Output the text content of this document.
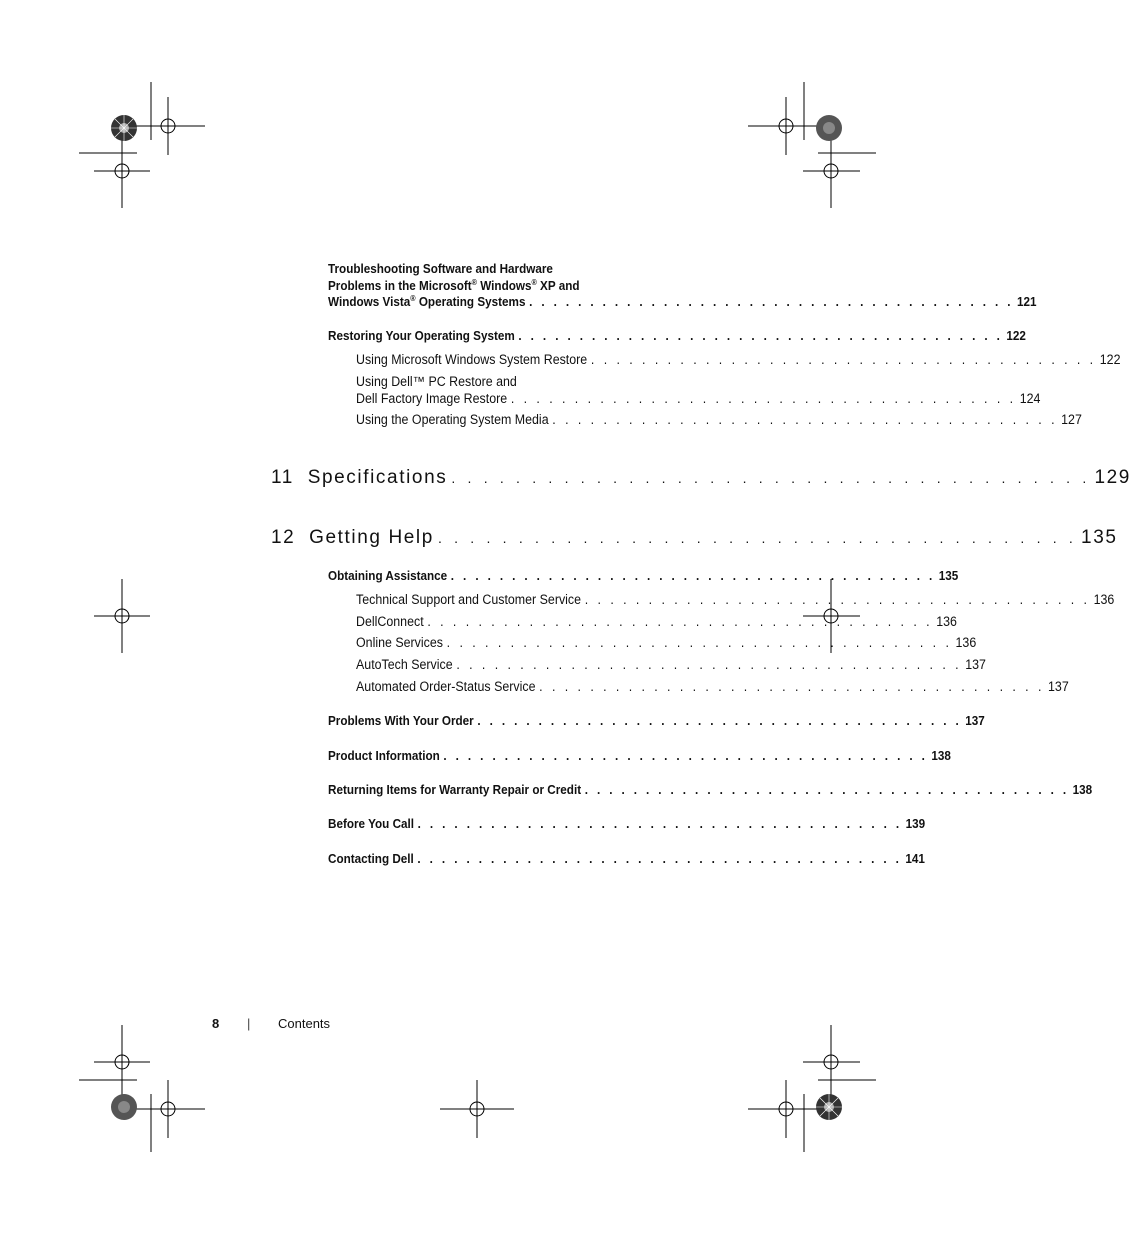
Troubleshooting Software and Hardware
Problems in the Microsoft® Windows® XP and
Windows Vista® Operating Systems . . . . . . . . . . . . . . . . . . . . . . . . . . . . . . . . . . . . . . . . 121
Restoring Your Operating System . . . . . . . . . . . . . . . . . . . . . . . . . . . . . . . . . . . . . . . . 122
Using Microsoft Windows System Restore . . . . . . . . . . . . . . . . . . . . . . . . . . . . . . . . . . . . . . . . 122
Using Dell™ PC Restore and
Dell Factory Image Restore . . . . . . . . . . . . . . . . . . . . . . . . . . . . . . . . . . . . . . . . 124
Using the Operating System Media . . . . . . . . . . . . . . . . . . . . . . . . . . . . . . . . . . . . . . . . 127
11 Specifications . . . . . . . . . . . . . . . . . . . . . . . . . . . . . . . . . . . . . . . . 129
12 Getting Help . . . . . . . . . . . . . . . . . . . . . . . . . . . . . . . . . . . . . . . . 135
Obtaining Assistance . . . . . . . . . . . . . . . . . . . . . . . . . . . . . . . . . . . . . . . . 135
Technical Support and Customer Service . . . . . . . . . . . . . . . . . . . . . . . . . . . . . . . . . . . . . . . . 136
DellConnect . . . . . . . . . . . . . . . . . . . . . . . . . . . . . . . . . . . . . . . . 136
Online Services . . . . . . . . . . . . . . . . . . . . . . . . . . . . . . . . . . . . . . . . 136
AutoTech Service . . . . . . . . . . . . . . . . . . . . . . . . . . . . . . . . . . . . . . . . 137
Automated Order-Status Service . . . . . . . . . . . . . . . . . . . . . . . . . . . . . . . . . . . . . . . . 137
Problems With Your Order . . . . . . . . . . . . . . . . . . . . . . . . . . . . . . . . . . . . . . . . 137
Product Information . . . . . . . . . . . . . . . . . . . . . . . . . . . . . . . . . . . . . . . . 138
Returning Items for Warranty Repair or Credit . . . . . . . . . . . . . . . . . . . . . . . . . . . . . . . . . . . . . . . . 138
Before You Call . . . . . . . . . . . . . . . . . . . . . . . . . . . . . . . . . . . . . . . . 139
Contacting Dell . . . . . . . . . . . . . . . . . . . . . . . . . . . . . . . . . . . . . . . . 141
8 | Contents
